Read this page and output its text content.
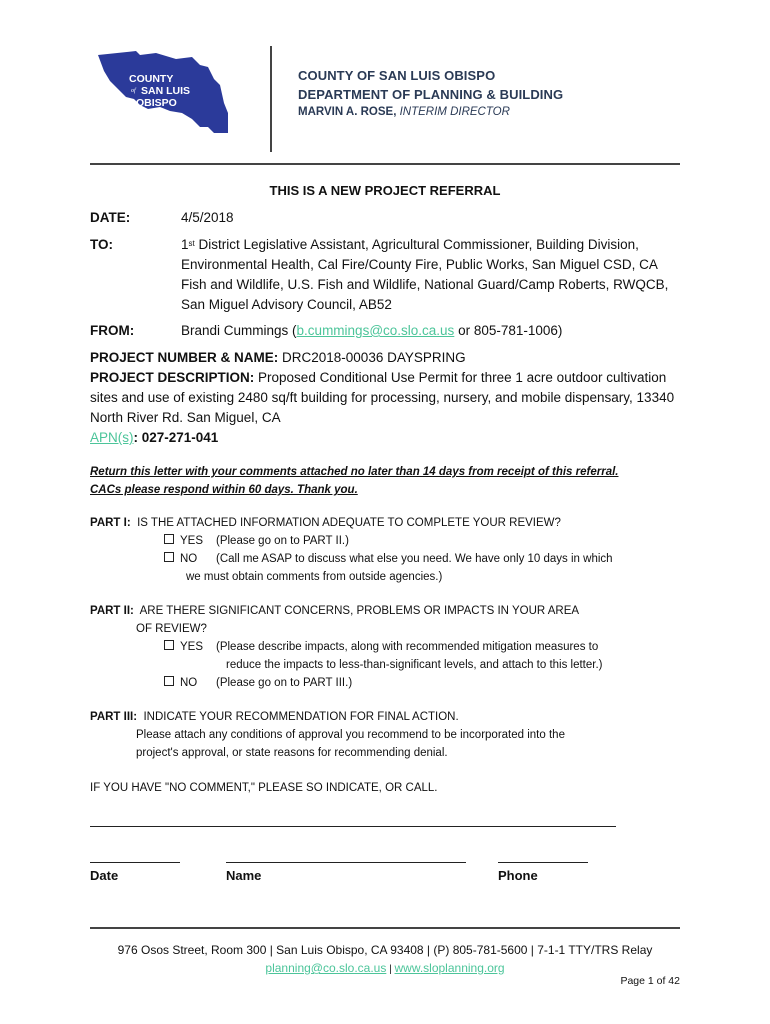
COUNTY
of SAN LUIS
OBISPO
COUNTY OF SAN LUIS OBISPO
DEPARTMENT OF PLANNING & BUILDING
MARVIN A. ROSE, INTERIM DIRECTOR
THIS IS A NEW PROJECT REFERRAL
DATE:	4/5/2018
TO:	1st District Legislative Assistant, Agricultural Commissioner, Building Division, Environmental Health, Cal Fire/County Fire, Public Works, San Miguel CSD, CA Fish and Wildlife, U.S. Fish and Wildlife, National Guard/Camp Roberts, RWQCB, San Miguel Advisory Council, AB52
FROM:	Brandi Cummings (b.cummings@co.slo.ca.us or 805-781-1006)
PROJECT NUMBER & NAME: DRC2018-00036 DAYSPRING
PROJECT DESCRIPTION: Proposed Conditional Use Permit for three 1 acre outdoor cultivation sites and use of existing 2480 sq/ft building for processing, nursery, and mobile dispensary, 13340 North River Rd. San Miguel, CA
APN(s): 027-271-041
Return this letter with your comments attached no later than 14 days from receipt of this referral.
CACs please respond within 60 days. Thank you.
PART I: IS THE ATTACHED INFORMATION ADEQUATE TO COMPLETE YOUR REVIEW?
YES (Please go on to PART II.)
NO (Call me ASAP to discuss what else you need. We have only 10 days in which
we must obtain comments from outside agencies.)
PART II: ARE THERE SIGNIFICANT CONCERNS, PROBLEMS OR IMPACTS IN YOUR AREA
OF REVIEW?
YES (Please describe impacts, along with recommended mitigation measures to
reduce the impacts to less-than-significant levels, and attach to this letter.)
NO (Please go on to PART III.)
PART III: INDICATE YOUR RECOMMENDATION FOR FINAL ACTION.
Please attach any conditions of approval you recommend to be incorporated into the
project's approval, or state reasons for recommending denial.
IF YOU HAVE "NO COMMENT," PLEASE SO INDICATE, OR CALL.
Date	Name	Phone
976 Osos Street, Room 300 | San Luis Obispo, CA 93408 | (P) 805-781-5600 | 7-1-1 TTY/TRS Relay
planning@co.slo.ca.us | www.sloplanning.org
Page 1 of 42
